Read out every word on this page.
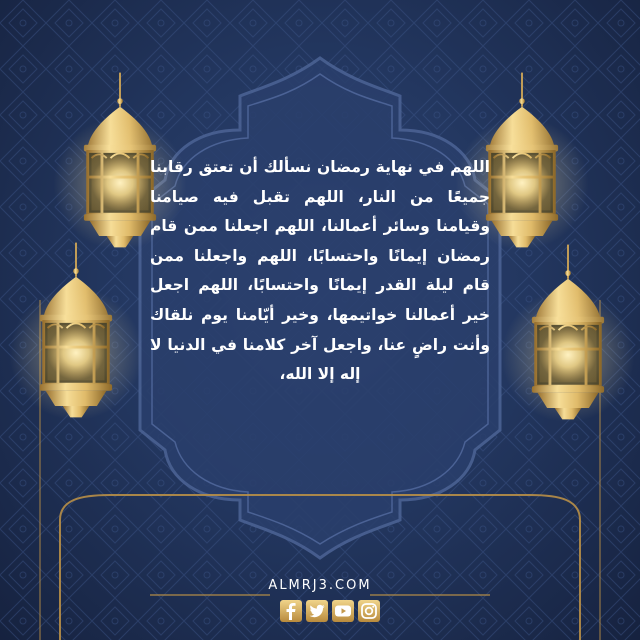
اللهم في نهاية رمضان نسألك أن تعتق رقابنا جميعًا من النار، اللهم تقبل فيه صيامنا وقيامنا وسائر أعمالنا، اللهم اجعلنا ممن قام رمضان إيمانًا واحتسابًا، اللهم واجعلنا ممن قام ليلة القدر إيمانًا واحتسابًا، اللهم اجعل خير أعمالنا خواتيمها، وخير أيّامنا يوم نلقاك وأنت راضٍ عنا، واجعل آخر كلامنا في الدنيا لا إله إلا الله،

ALMRJ3.COM
